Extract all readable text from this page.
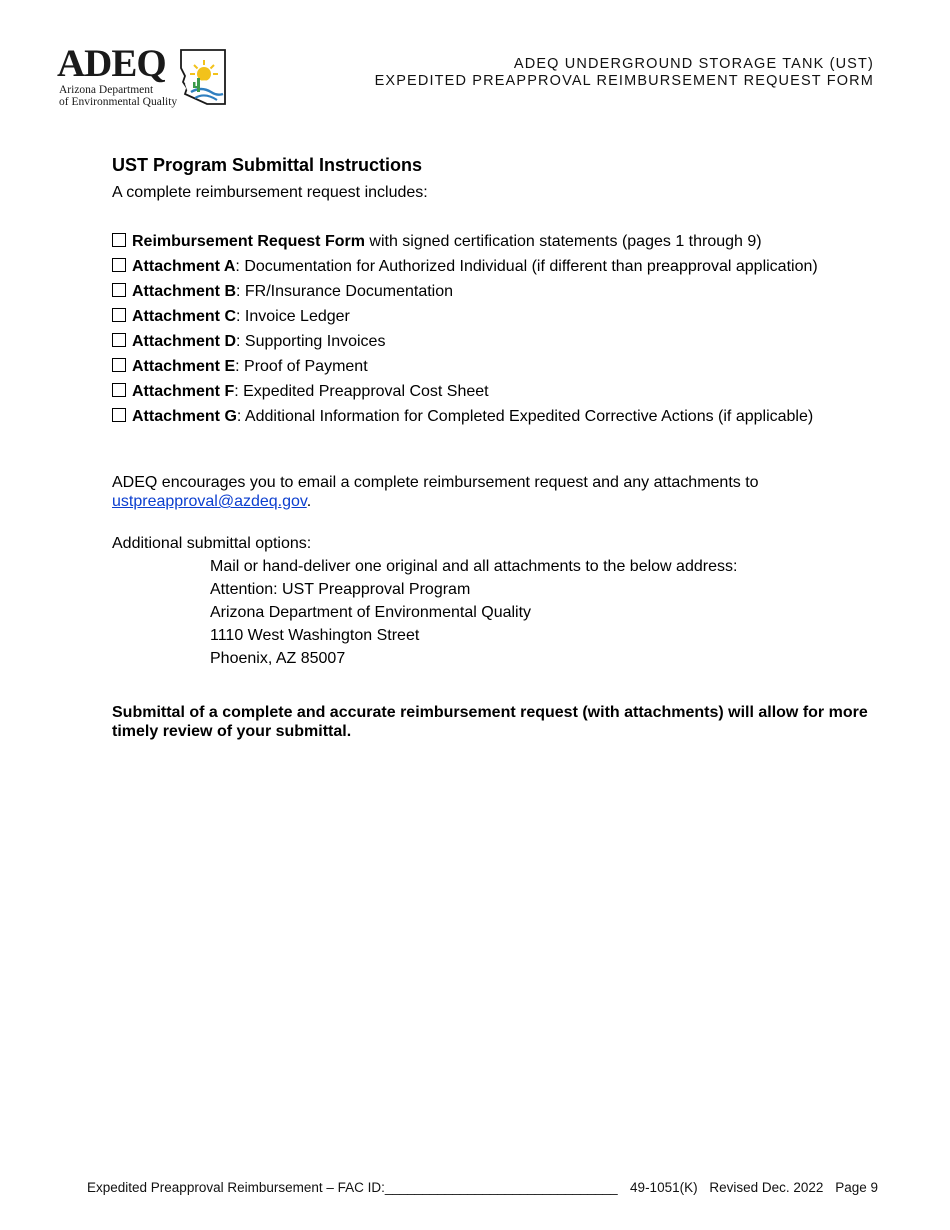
ADEQ
Arizona Department
of Environmental Quality
ADEQ UNDERGROUND STORAGE TANK (UST)
EXPEDITED PREAPPROVAL REIMBURSEMENT REQUEST FORM
UST Program Submittal Instructions
A complete reimbursement request includes:
Reimbursement Request Form with signed certification statements (pages 1 through 9)
Attachment A: Documentation for Authorized Individual (if different than preapproval application)
Attachment B: FR/Insurance Documentation
Attachment C: Invoice Ledger
Attachment D: Supporting Invoices
Attachment E: Proof of Payment
Attachment F: Expedited Preapproval Cost Sheet
Attachment G: Additional Information for Completed Expedited Corrective Actions (if applicable)
ADEQ encourages you to email a complete reimbursement request and any attachments to
ustpreapproval@azdeq.gov.
Additional submittal options:
Mail or hand-deliver one original and all attachments to the below address:
Attention: UST Preapproval Program
Arizona Department of Environmental Quality
1110 West Washington Street
Phoenix, AZ 85007
Submittal of a complete and accurate reimbursement request (with attachments) will allow for more timely review of your submittal.
Expedited Preapproval Reimbursement – FAC ID:_______________________________ 49-1051(K) Revised Dec. 2022 Page 9
